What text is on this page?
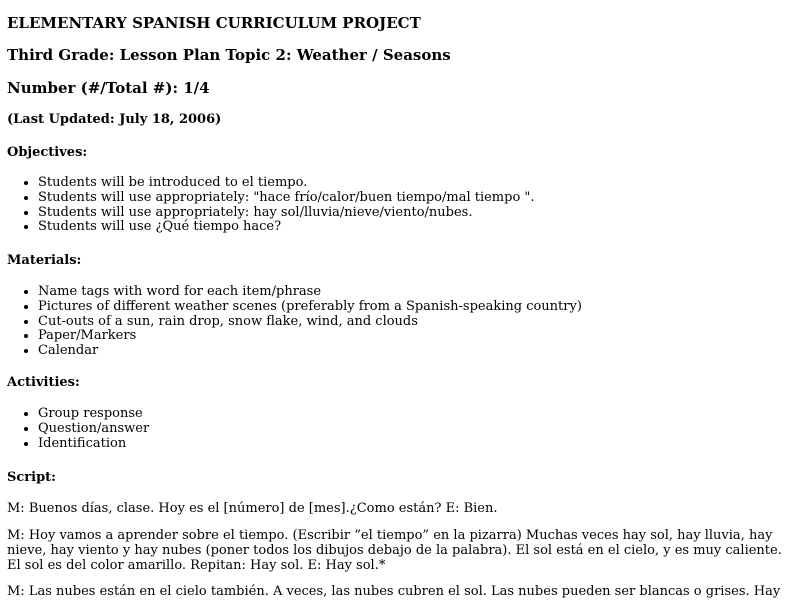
ELEMENTARY SPANISH CURRICULUM PROJECT
Third Grade: Lesson Plan Topic 2: Weather / Seasons
Number (#/Total #): 1/4
(Last Updated: July 18, 2006)
Objectives:
• Students will be introduced to el tiempo.
• Students will use appropriately: "hace frío/calor/buen tiempo/mal tiempo ".
• Students will use appropriately: hay sol/lluvia/nieve/viento/nubes.
• Students will use ¿Qué tiempo hace?
Materials:
• Name tags with word for each item/phrase
• Pictures of different weather scenes (preferably from a Spanish-speaking country)
• Cut-outs of a sun, rain drop, snow flake, wind, and clouds
• Paper/Markers
• Calendar
Activities:
• Group response
• Question/answer
• Identification
Script:

M: Buenos días, clase. Hoy es el [número] de [mes].¿Como están? E: Bien.

M: Hoy vamos a aprender sobre el tiempo. (Escribir “el tiempo” en la pizarra) Muchas veces hay sol, hay lluvia, hay nieve, hay viento y hay nubes (poner todos los dibujos debajo de la palabra). El sol está en el cielo, y es muy caliente. El sol es del color amarillo. Repitan: Hay sol. E: Hay sol.*

M: Las nubes están en el cielo también. A veces, las nubes cubren el sol. Las nubes pueden ser blancas o grises. Hay
